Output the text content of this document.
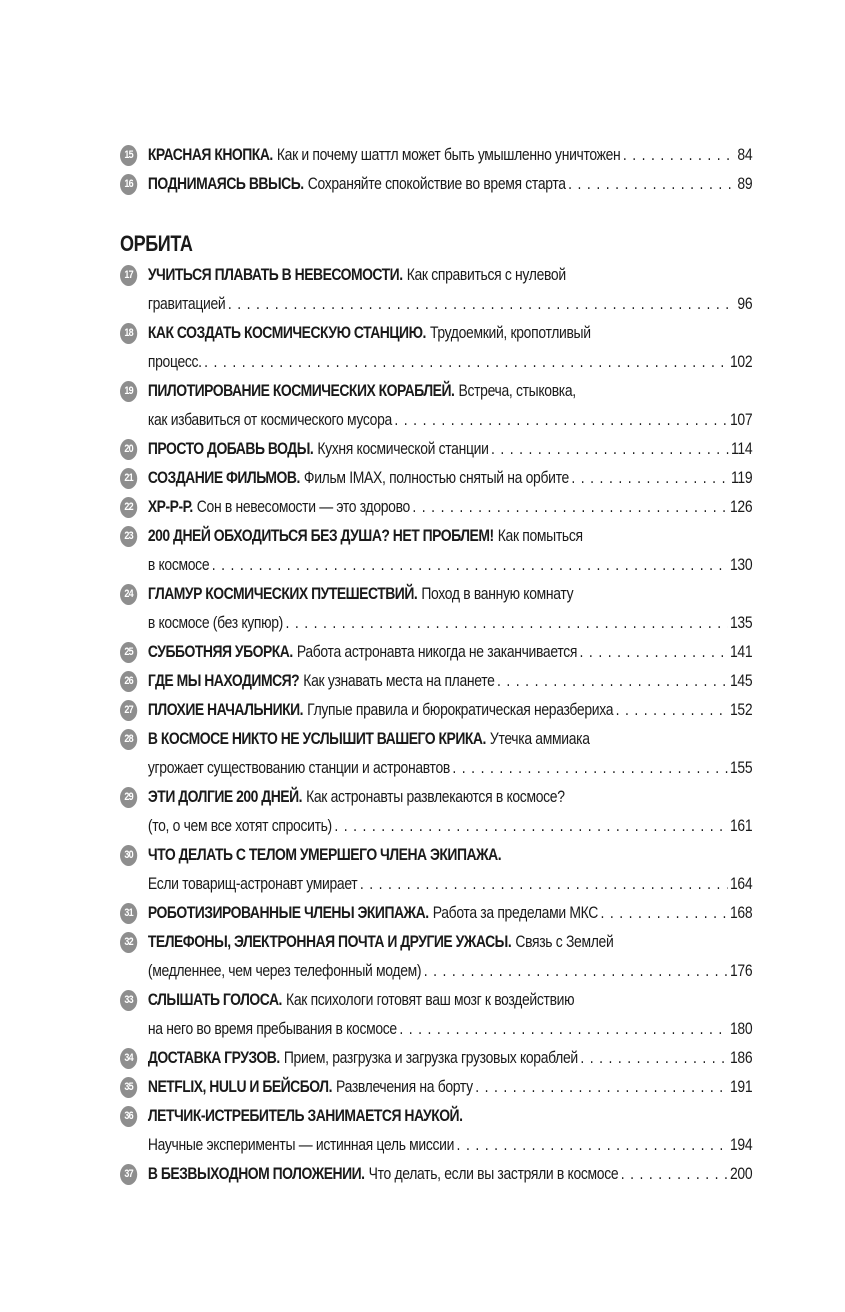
15 КРАСНАЯ КНОПКА. Как и почему шаттл может быть умышленно уничтожен . . .	84
16 ПОДНИМАЯСЬ ВВЫСЬ. Сохраняйте спокойствие во время старта . . .	89
ОРБИТА
17 УЧИТЬСЯ ПЛАВАТЬ В НЕВЕСОМОСТИ. Как справиться с нулевой
гравитацией . . .	96
18 КАК СОЗДАТЬ КОСМИЧЕСКУЮ СТАНЦИЮ. Трудоемкий, кропотливый
процесс. . . .	102
19 ПИЛОТИРОВАНИЕ КОСМИЧЕСКИХ КОРАБЛЕЙ. Встреча, стыковка,
как избавиться от космического мусора . . .	107
20 ПРОСТО ДОБАВЬ ВОДЫ. Кухня космической станции . . .	114
21 СОЗДАНИЕ ФИЛЬМОВ. Фильм IMAX, полностью снятый на орбите . . .	119
22 ХР-Р-Р. Сон в невесомости — это здорово . . .	126
23 200 ДНЕЙ ОБХОДИТЬСЯ БЕЗ ДУША? НЕТ ПРОБЛЕМ! Как помыться
в космосе . . .	130
24 ГЛАМУР КОСМИЧЕСКИХ ПУТЕШЕСТВИЙ. Поход в ванную комнату
в космосе (без купюр) . . .	135
25 СУББОТНЯЯ УБОРКА. Работа астронавта никогда не заканчивается . . .	141
26 ГДЕ МЫ НАХОДИМСЯ? Как узнавать места на планете . . .	145
27 ПЛОХИЕ НАЧАЛЬНИКИ. Глупые правила и бюрократическая неразбериха . . .	152
28 В КОСМОСЕ НИКТО НЕ УСЛЫШИТ ВАШЕГО КРИКА. Утечка аммиака
угрожает существованию станции и астронавтов . . .	155
29 ЭТИ ДОЛГИЕ 200 ДНЕЙ. Как астронавты развлекаются в космосе?
(то, о чем все хотят спросить) . . .	161
30 ЧТО ДЕЛАТЬ С ТЕЛОМ УМЕРШЕГО ЧЛЕНА ЭКИПАЖА.
Если товарищ-астронавт умирает . . .	164
31 РОБОТИЗИРОВАННЫЕ ЧЛЕНЫ ЭКИПАЖА. Работа за пределами МКС . . .	168
32 ТЕЛЕФОНЫ, ЭЛЕКТРОННАЯ ПОЧТА И ДРУГИЕ УЖАСЫ. Связь с Землей
(медленнее, чем через телефонный модем) . . .	176
33 СЛЫШАТЬ ГОЛОСА. Как психологи готовят ваш мозг к воздействию
на него во время пребывания в космосе . . .	180
34 ДОСТАВКА ГРУЗОВ. Прием, разгрузка и загрузка грузовых кораблей . . .	186
35 NETFLIX, HULU И БЕЙСБОЛ. Развлечения на борту . . .	191
36 ЛЕТЧИК-ИСТРЕБИТЕЛЬ ЗАНИМАЕТСЯ НАУКОЙ.
Научные эксперименты — истинная цель миссии . . .	194
37 В БЕЗВЫХОДНОМ ПОЛОЖЕНИИ. Что делать, если вы застряли в космосе . . .	200
